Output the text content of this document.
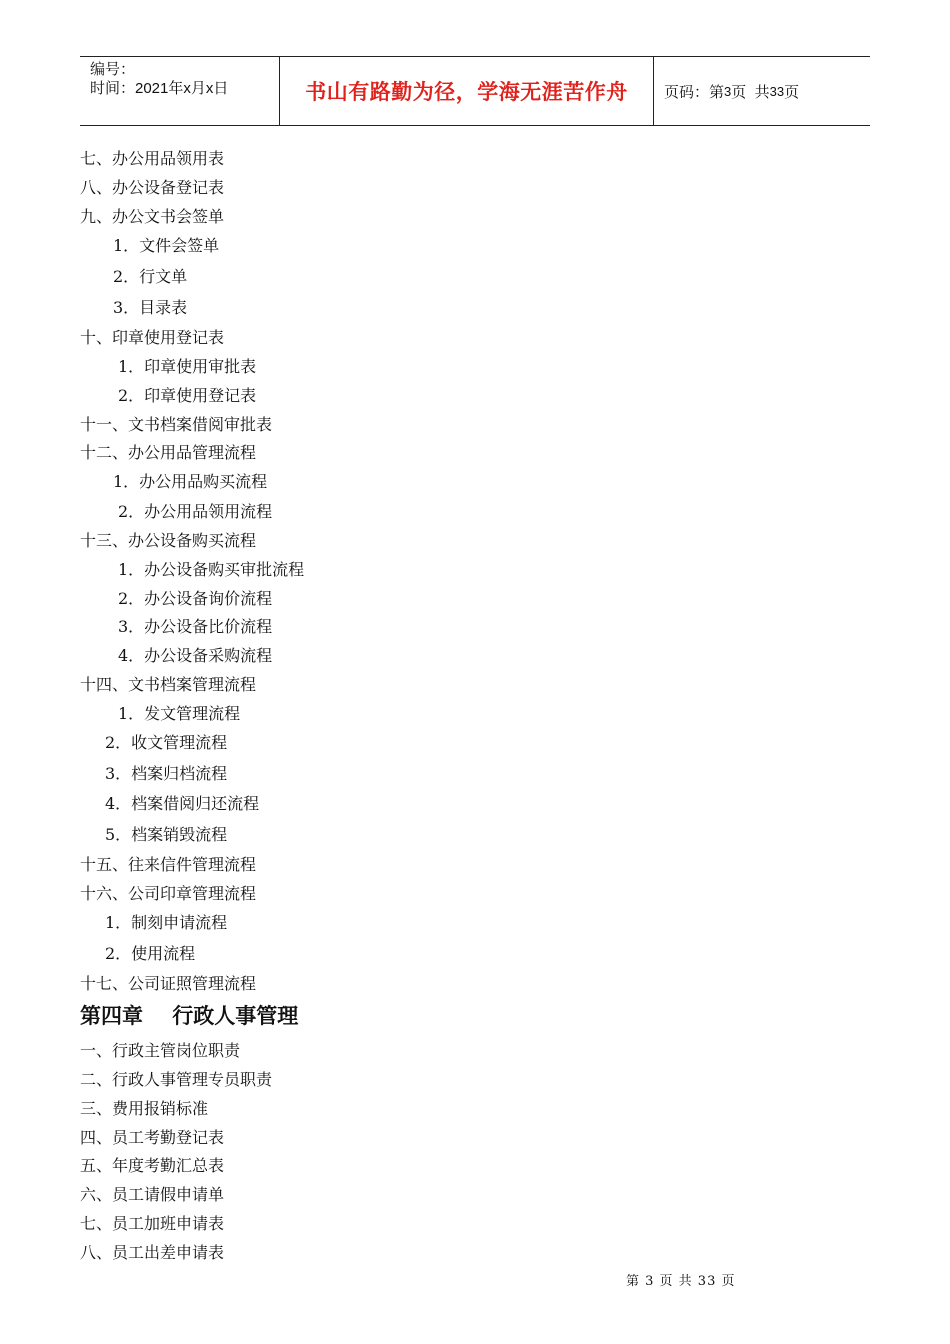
编号：
时间：2021年x月x日	书山有路勤为径，学海无涯苦作舟 页码：第 3 页  共 33 页
七、办公用品领用表
八、办公设备登记表
九、办公文书会签单
1．文件会签单
2．行文单
3．目录表
十、印章使用登记表
1．印章使用审批表
2．印章使用登记表
十一、文书档案借阅审批表
十二、办公用品管理流程
1．办公用品购买流程
2．办公用品领用流程
十三、办公设备购买流程
1．办公设备购买审批流程
2．办公设备询价流程
3．办公设备比价流程
4．办公设备采购流程
十四、文书档案管理流程
1．发文管理流程
2．收文管理流程
3．档案归档流程
4．档案借阅归还流程
5．档案销毁流程
十五、往来信件管理流程
十六、公司印章管理流程
1．制刻申请流程
2．使用流程
十七、公司证照管理流程
第四章    行政人事管理
一、行政主管岗位职责
二、行政人事管理专员职责
三、费用报销标准
四、员工考勤登记表
五、年度考勤汇总表
六、员工请假申请单
七、员工加班申请表
八、员工出差申请表
第 3 页 共 33 页
